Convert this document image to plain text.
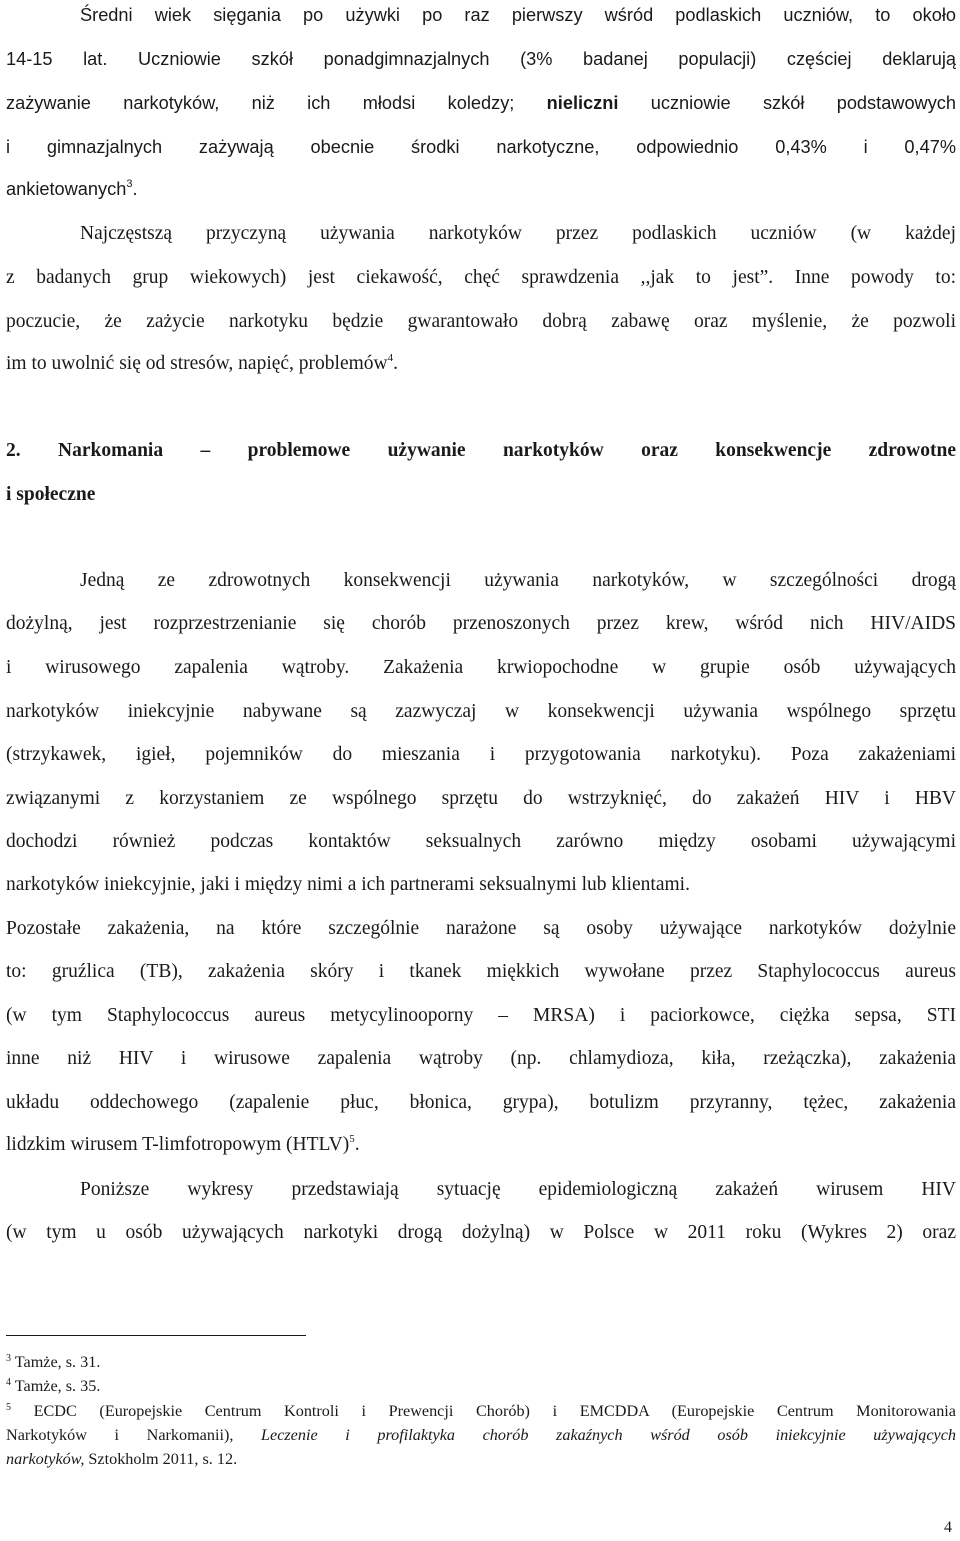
Średni wiek sięgania po używki po raz pierwszy wśród podlaskich uczniów, to około
14-15 lat. Uczniowie szkół ponadgimnazjalnych (3% badanej populacji) częściej deklarują
zażywanie narkotyków, niż ich młodsi koledzy; nieliczni uczniowie szkół podstawowych
i gimnazjalnych zażywają obecnie środki narkotyczne, odpowiednio 0,43% i 0,47%
ankietowanych$^3$.
Najczęstszą przyczyną używania narkotyków przez podlaskich uczniów (w każdej
z badanych grup wiekowych) jest ciekawość, chęć sprawdzenia ,,jak to jest”. Inne powody to:
poczucie, że zażycie narkotyku będzie gwarantowało dobrą zabawę oraz myślenie, że pozwoli
im to uwolnić się od stresów, napięć, problemów$^4$.
2. Narkomania – problemowe używanie narkotyków oraz konsekwencje zdrowotne
i społeczne
Jedną ze zdrowotnych konsekwencji używania narkotyków, w szczególności drogą
dożylną, jest rozprzestrzenianie się chorób przenoszonych przez krew, wśród nich HIV/AIDS
i wirusowego zapalenia wątroby. Zakażenia krwiopochodne w grupie osób używających
narkotyków iniekcyjnie nabywane są zazwyczaj w konsekwencji używania wspólnego sprzętu
(strzykawek, igieł, pojemników do mieszania i przygotowania narkotyku). Poza zakażeniami
związanymi z korzystaniem ze wspólnego sprzętu do wstrzyknięć, do zakażeń HIV i HBV
dochodzi również podczas kontaktów seksualnych zarówno między osobami używającymi
narkotyków iniekcyjnie, jaki i między nimi a ich partnerami seksualnymi lub klientami.
Pozostałe zakażenia, na które szczególnie narażone są osoby używające narkotyków dożylnie
to: gruźlica (TB), zakażenia skóry i tkanek miękkich wywołane przez Staphylococcus aureus
(w tym Staphylococcus aureus metycylinooporny – MRSA) i paciorkowce, ciężka sepsa, STI
inne niż HIV i wirusowe zapalenia wątroby (np. chlamydioza, kiła, rzeżączka), zakażenia
układu oddechowego (zapalenie płuc, błonica, grypa), botulizm przyranny, tężec, zakażenia
lidzkim wirusem T-limfotropowym (HTLV)$^5$.
Poniższe wykresy przedstawiają sytuację epidemiologiczną zakażeń wirusem HIV
(w tym u osób używających narkotyki drogą dożylną) w Polsce w 2011 roku (Wykres 2) oraz
$^3$ Tamże, s. 31.
$^4$ Tamże, s. 35.
$^5$ ECDC (Europejskie Centrum Kontroli i Prewencji Chorób) i EMCDDA (Europejskie Centrum Monitorowania
Narkotyków i Narkomanii), Leczenie i profilaktyka chorób zakaźnych wśród osób iniekcyjnie używających
narkotyków, Sztokholm 2011, s. 12.
4
